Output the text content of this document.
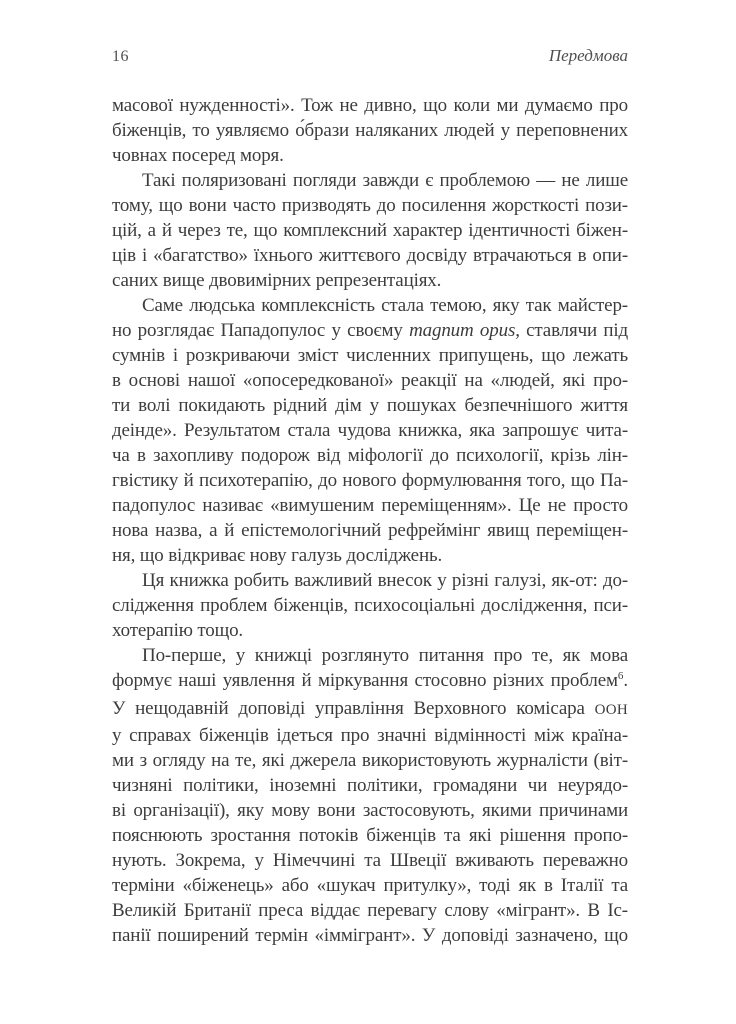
16	Передмова
масової нужденності». Тож не дивно, що коли ми думаємо про
біженців, то уявляємо о́брази наляканих людей у переповнених
човнах посеред моря.
Такі поляризовані погляди завжди є проблемою — не лише
тому, що вони часто призводять до посилення жорсткості пози-
цій, а й через те, що комплексний характер ідентичності біжен-
ців і «багатство» їхнього життєвого досвіду втрачаються в опи-
саних вище двовимірних репрезентаціях.
Саме людська комплексність стала темою, яку так майстер-
но розглядає Пападопулос у своєму magnum opus, ставлячи під
сумнів і розкриваючи зміст численних припущень, що лежать
в основі нашої «опосередкованої» реакції на «людей, які про-
ти волі покидають рідний дім у пошуках безпечнішого життя
деінде». Результатом стала чудова книжка, яка запрошує чита-
ча в захопливу подорож від міфології до психології, крізь лін-
гвістику й психотерапію, до нового формулювання того, що Па-
падопулос називає «вимушеним переміщенням». Це не просто
нова назва, а й епістемологічний рефреймінг явищ переміщен-
ня, що відкриває нову галузь досліджень.
Ця книжка робить важливий внесок у різні галузі, як-от: до-
слідження проблем біженців, психосоціальні дослідження, пси-
хотерапію тощо.
По-перше, у книжці розглянуто питання про те, як мова
формує наші уявлення й міркування стосовно різних проблем$^6$.
У нещодавній доповіді управління Верховного комісара ООН
у справах біженців ідеться про значні відмінності між країна-
ми з огляду на те, які джерела використовують журналісти (віт-
чизняні політики, іноземні політики, громадяни чи неурядо-
ві організації), яку мову вони застосовують, якими причинами
пояснюють зростання потоків біженців та які рішення пропо-
нують. Зокрема, у Німеччині та Швеції вживають переважно
терміни «біженець» або «шукач притулку», тоді як в Італії та
Великій Британії преса віддає перевагу слову «мігрант». В Іс-
панії поширений термін «іммігрант». У доповіді зазначено, що
